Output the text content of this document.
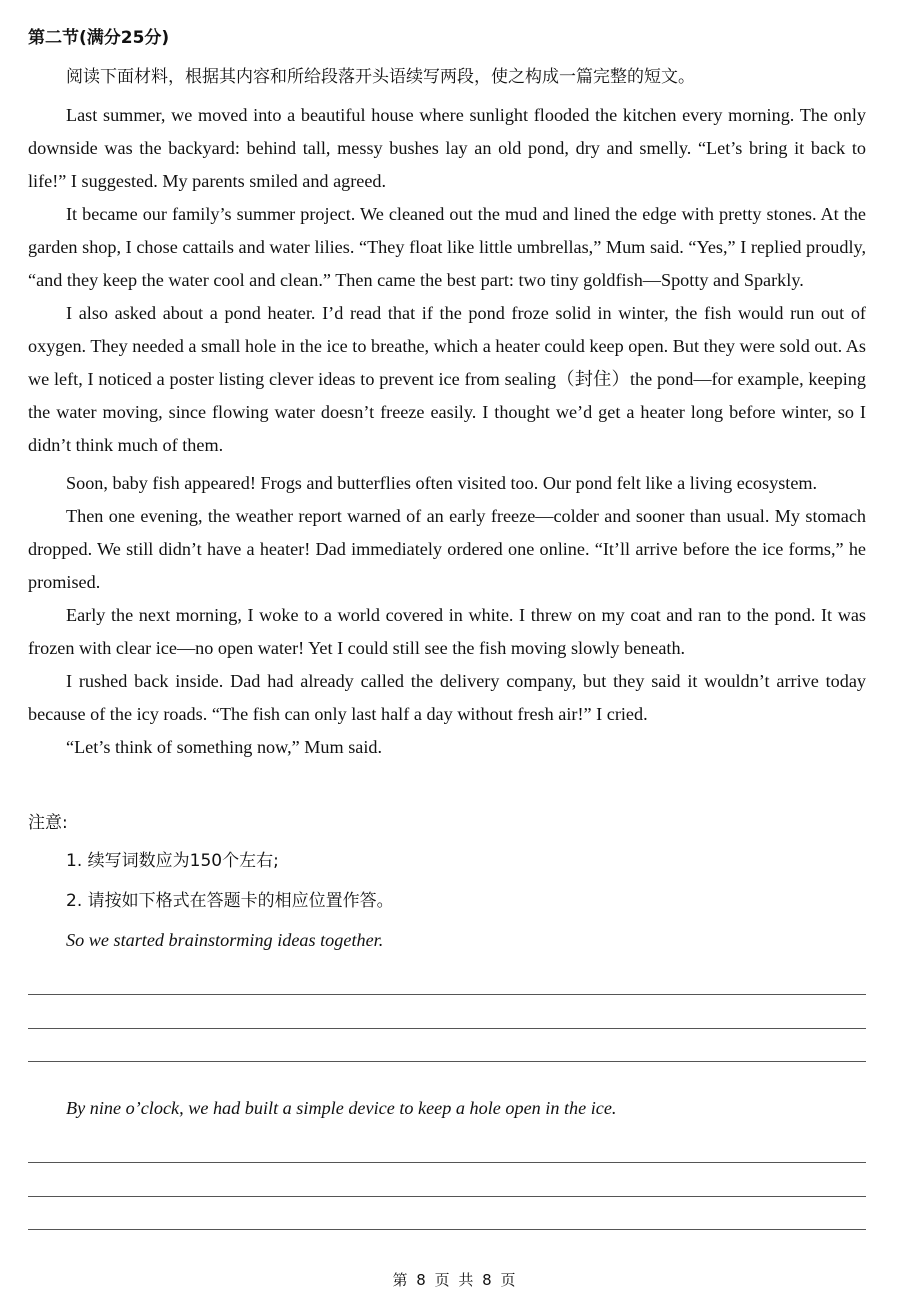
第二节(满分25分)
阅读下面材料，根据其内容和所给段落开头语续写两段，使之构成一篇完整的短文。

Last summer, we moved into a beautiful house where sunlight flooded the kitchen every morning. The only downside was the backyard: behind tall, messy bushes lay an old pond, dry and smelly. “Let’s bring it back to life!” I suggested. My parents smiled and agreed.

It became our family’s summer project. We cleaned out the mud and lined the edge with pretty stones. At the garden shop, I chose cattails and water lilies. “They float like little umbrellas,” Mum said. “Yes,” I replied proudly, “and they keep the water cool and clean.” Then came the best part: two tiny goldfish—Spotty and Sparkly.

I also asked about a pond heater. I’d read that if the pond froze solid in winter, the fish would run out of oxygen. They needed a small hole in the ice to breathe, which a heater could keep open. But they were sold out. As we left, I noticed a poster listing clever ideas to prevent ice from sealing（封住）the pond—for example, keeping the water moving, since flowing water doesn’t freeze easily. I thought we’d get a heater long before winter, so I didn’t think much of them.

Soon, baby fish appeared! Frogs and butterflies often visited too. Our pond felt like a living ecosystem.

Then one evening, the weather report warned of an early freeze—colder and sooner than usual. My stomach dropped. We still didn’t have a heater! Dad immediately ordered one online. “It’ll arrive before the ice forms,” he promised.

Early the next morning, I woke to a world covered in white. I threw on my coat and ran to the pond. It was frozen with clear ice—no open water! Yet I could still see the fish moving slowly beneath.

I rushed back inside. Dad had already called the delivery company, but they said it wouldn’t arrive today because of the icy roads. “The fish can only last half a day without fresh air!” I cried.

“Let’s think of something now,” Mum said.

注意:
1. 续写词数应为150个左右;
2. 请按如下格式在答题卡的相应位置作答。
So we started brainstorming ideas together.
By nine o’clock, we had built a simple device to keep a hole open in the ice.
第 8 页 共 8 页
